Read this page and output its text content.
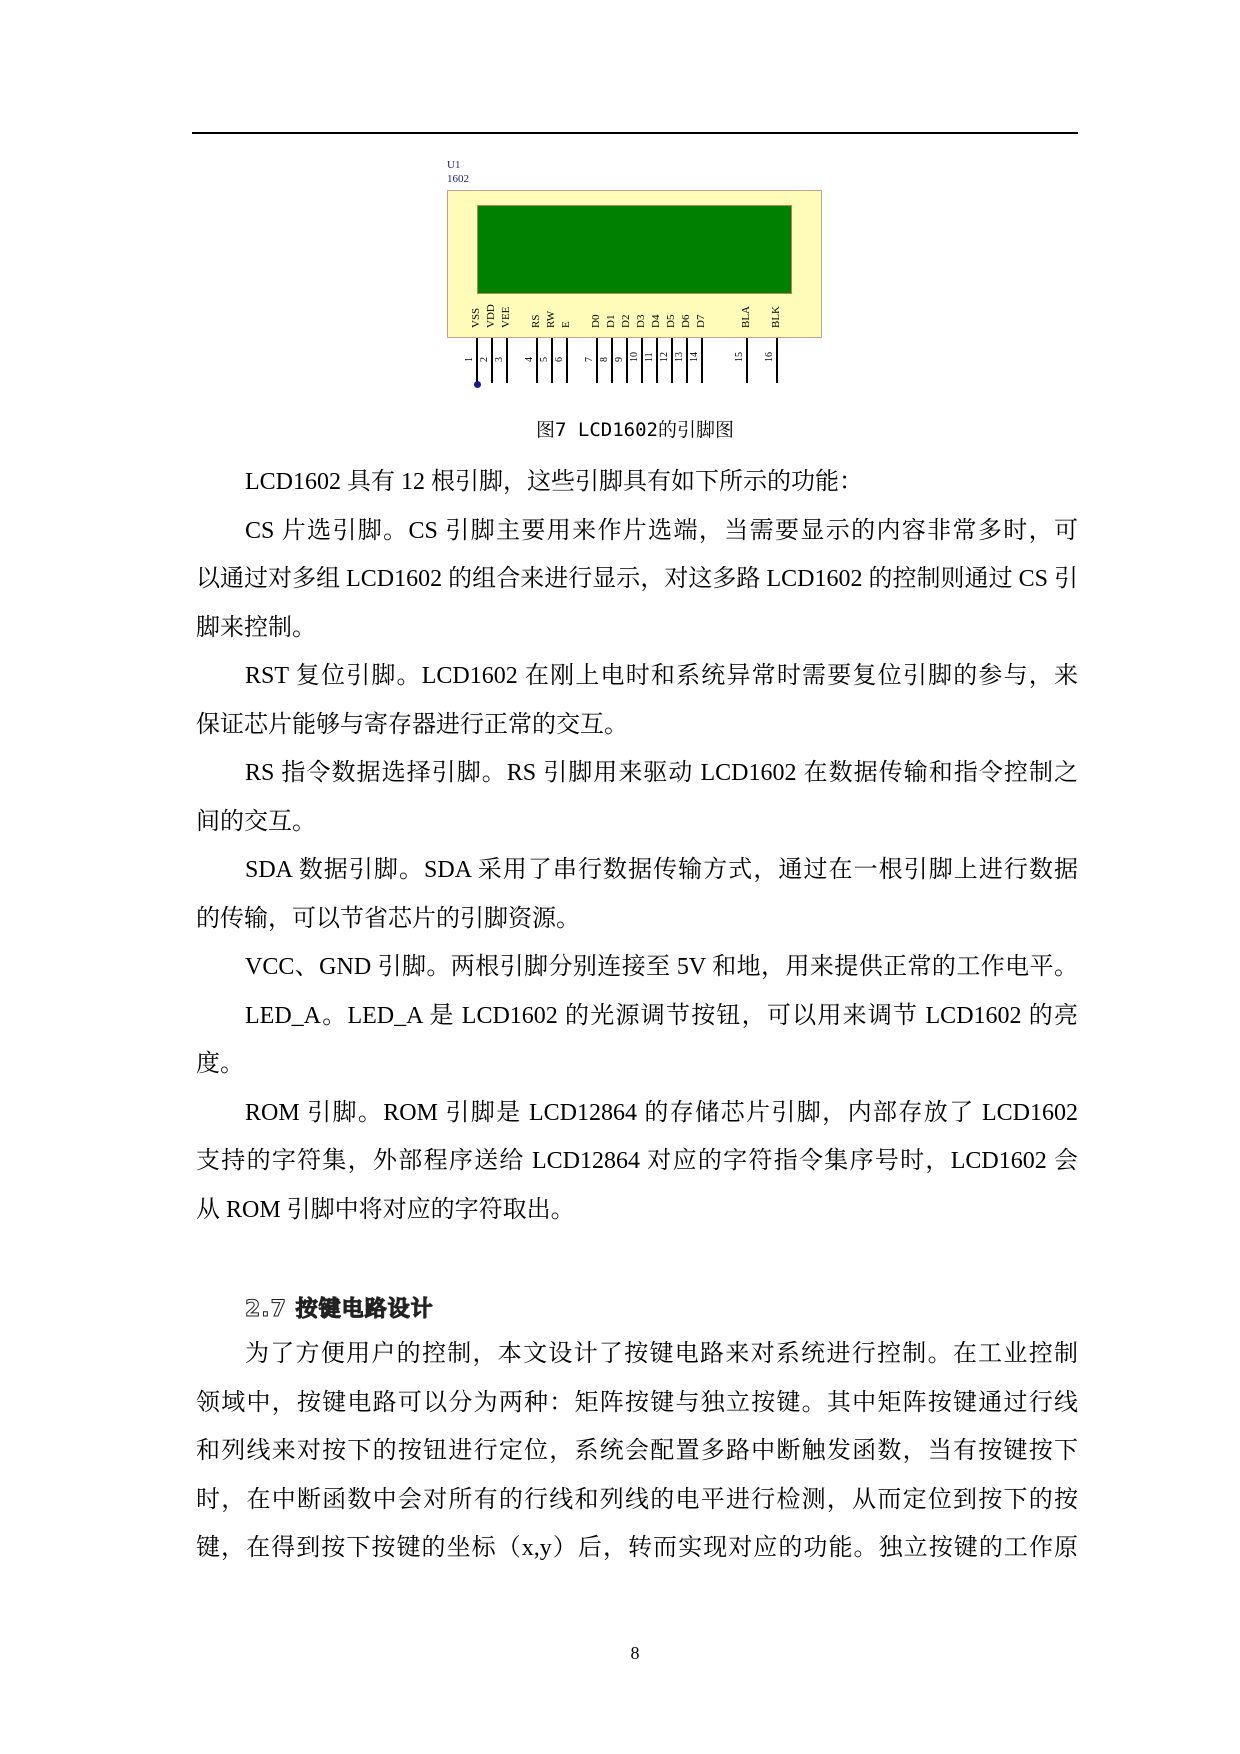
U1
1602
1
VSS
2
VDD
3
VEE
4
RS
5
RW
6
E
7
D0
8
D1
9
D2
10
D3
11
D4
12
D5
13
D6
14
D7
15
BLA
16
BLK
图7 LCD1602的引脚图
LCD1602 具有 12 根引脚，这些引脚具有如下所示的功能：
CS 片选引脚。CS 引脚主要用来作片选端，当需要显示的内容非常多时，可
以通过对多组 LCD1602 的组合来进行显示，对这多路 LCD1602 的控制则通过 CS 引
脚来控制。
RST 复位引脚。LCD1602 在刚上电时和系统异常时需要复位引脚的参与，来
保证芯片能够与寄存器进行正常的交互。
RS 指令数据选择引脚。RS 引脚用来驱动 LCD1602 在数据传输和指令控制之
间的交互。
SDA 数据引脚。SDA 采用了串行数据传输方式，通过在一根引脚上进行数据
的传输，可以节省芯片的引脚资源。
VCC、GND 引脚。两根引脚分别连接至 5V 和地，用来提供正常的工作电平。
LED_A。LED_A 是 LCD1602 的光源调节按钮，可以用来调节 LCD1602 的亮
度。
ROM 引脚。ROM 引脚是 LCD12864 的存储芯片引脚，内部存放了 LCD1602
支持的字符集，外部程序送给 LCD12864 对应的字符指令集序号时，LCD1602 会
从 ROM 引脚中将对应的字符取出。
2.7 按键电路设计
为了方便用户的控制，本文设计了按键电路来对系统进行控制。在工业控制
领域中，按键电路可以分为两种：矩阵按键与独立按键。其中矩阵按键通过行线
和列线来对按下的按钮进行定位，系统会配置多路中断触发函数，当有按键按下
时，在中断函数中会对所有的行线和列线的电平进行检测，从而定位到按下的按
键，在得到按下按键的坐标（x,y）后，转而实现对应的功能。独立按键的工作原
8
